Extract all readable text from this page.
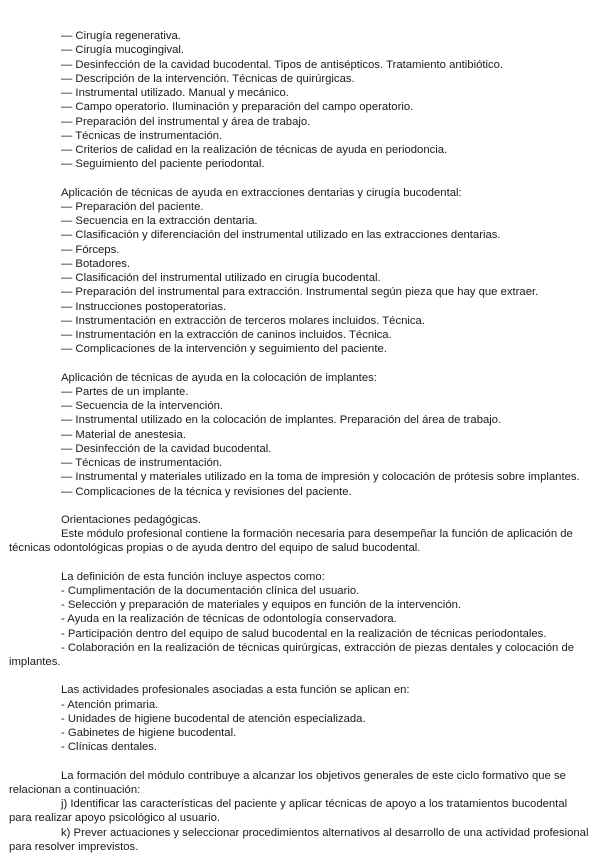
— Cirugía regenerativa.
— Cirugía mucogingival.
— Desinfección de la cavidad bucodental. Tipos de antisépticos. Tratamiento antibiótico.
— Descripción de la intervención. Técnicas de quirúrgicas.
— Instrumental utilizado. Manual y mecánico.
— Campo operatorio. Iluminación y preparación del campo operatorio.
— Preparación del instrumental y área de trabajo.
— Técnicas de instrumentación.
— Criterios de calidad en la realización de técnicas de ayuda en periodoncia.
— Seguimiento del paciente periodontal.
Aplicación de técnicas de ayuda en extracciones dentarias y cirugía bucodental:
— Preparación del paciente.
— Secuencia en la extracción dentaria.
— Clasificación y diferenciación del instrumental utilizado en las extracciones dentarias.
— Fórceps.
— Botadores.
— Clasificación del instrumental utilizado en cirugía bucodental.
— Preparación del instrumental para extracción. Instrumental según pieza que hay que extraer.
— Instrucciones postoperatorias.
— Instrumentación en extracción de terceros molares incluidos. Técnica.
— Instrumentación en la extracción de caninos incluidos. Técnica.
— Complicaciones de la intervención y seguimiento del paciente.
Aplicación de técnicas de ayuda en la colocación de implantes:
— Partes de un implante.
— Secuencia de la intervención.
— Instrumental utilizado en la colocación de implantes. Preparación del área de trabajo.
— Material de anestesia.
— Desinfección de la cavidad bucodental.
— Técnicas de instrumentación.
— Instrumental y materiales utilizado en la toma de impresión y colocación de prótesis sobre implantes.
— Complicaciones de la técnica y revisiones del paciente.
Orientaciones pedagógicas.
Este módulo profesional contiene la formación necesaria para desempeñar la función de aplicación de
técnicas odontológicas propias o de ayuda dentro del equipo de salud bucodental.
La definición de esta función incluye aspectos como:
- Cumplimentación de la documentación clínica del usuario.
- Selección y preparación de materiales y equipos en función de la intervención.
- Ayuda en la realización de técnicas de odontología conservadora.
- Participación dentro del equipo de salud bucodental en la realización de técnicas periodontales.
- Colaboración en la realización de técnicas quirúrgicas, extracción de piezas dentales y colocación de
implantes.
Las actividades profesionales asociadas a esta función se aplican en:
- Atención primaria.
- Unidades de higiene bucodental de atención especializada.
- Gabinetes de higiene bucodental.
- Clínicas dentales.
La formación del módulo contribuye a alcanzar los objetivos generales de este ciclo formativo que se
relacionan a continuación:
j) Identificar las características del paciente y aplicar técnicas de apoyo a los tratamientos bucodental
para realizar apoyo psicológico al usuario.
k) Prever actuaciones y seleccionar procedimientos alternativos al desarrollo de una actividad profesional
para resolver imprevistos.
